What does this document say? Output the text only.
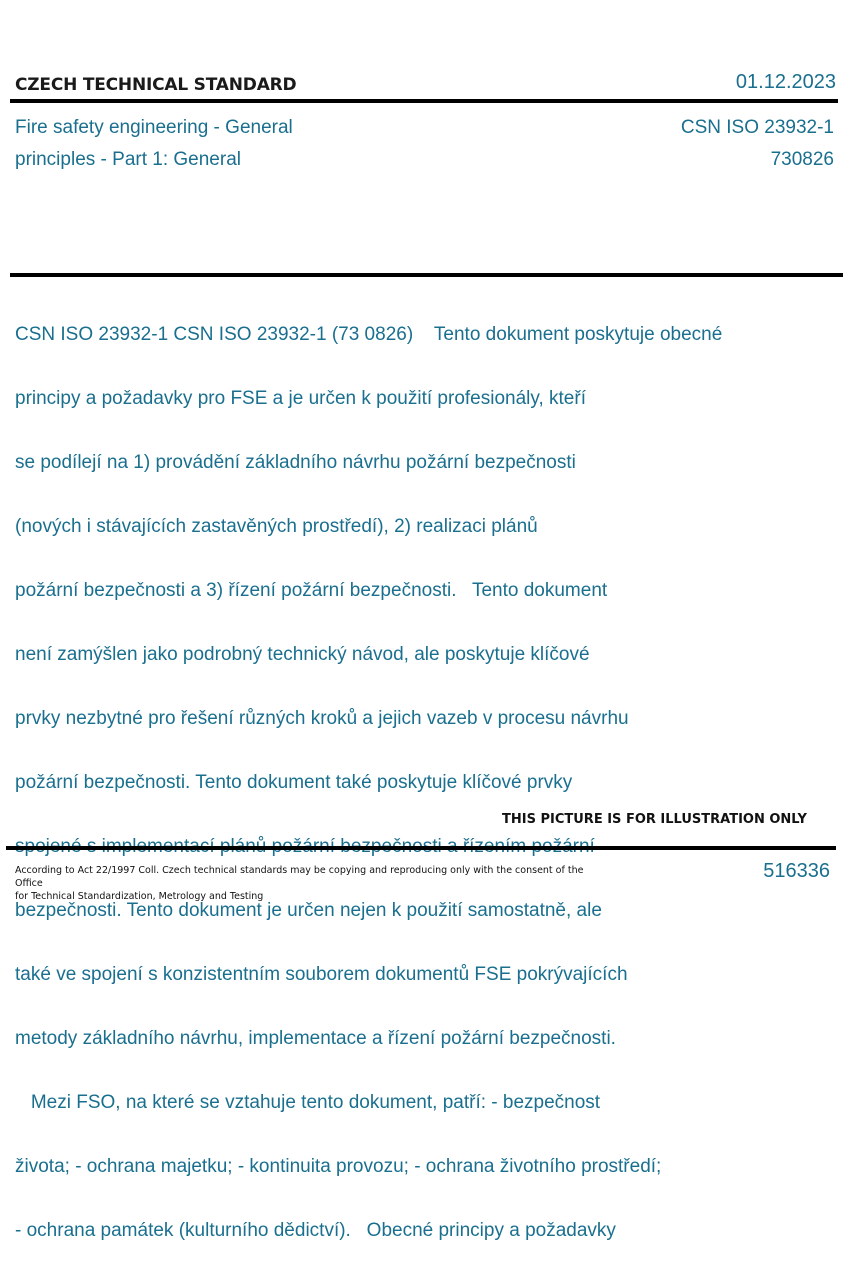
CZECH TECHNICAL STANDARD	01.12.2023
Fire safety engineering - General
principles - Part 1: General
CSN ISO 23932-1
730826

CSN ISO 23932-1 CSN ISO 23932-1 (73 0826)    Tento dokument poskytuje obecné

principy a požadavky pro FSE a je určen k použití profesionály, kteří

se podílejí na 1) provádění základního návrhu požární bezpečnosti

(nových i stávajících zastavěných prostředí), 2) realizaci plánů

požární bezpečnosti a 3) řízení požární bezpečnosti.   Tento dokument

není zamýšlen jako podrobný technický návod, ale poskytuje klíčové

prvky nezbytné pro řešení různých kroků a jejich vazeb v procesu návrhu

požární bezpečnosti. Tento dokument také poskytuje klíčové prvky

bezpečnosti. Tento dokument je určen nejen k použití samostatně, ale

také ve spojení s konzistentním souborem dokumentů FSE pokrývajících

metody základního návrhu, implementace a řízení požární bezpečnosti.

Mezi FSO, na které se vztahuje tento dokument, patří: - bezpečnost

života; - ochrana majetku; - kontinuita provozu; - ochrana životního prostředí;

- ochrana památek (kulturního dědictví).   Obecné principy a požadavky

THIS PICTURE IS FOR ILLUSTRATION ONLY
According to Act 22/1997 Coll. Czech technical standards may be copying and reproducing only with the consent of the Office
for Technical Standardization, Metrology and Testing
516336
